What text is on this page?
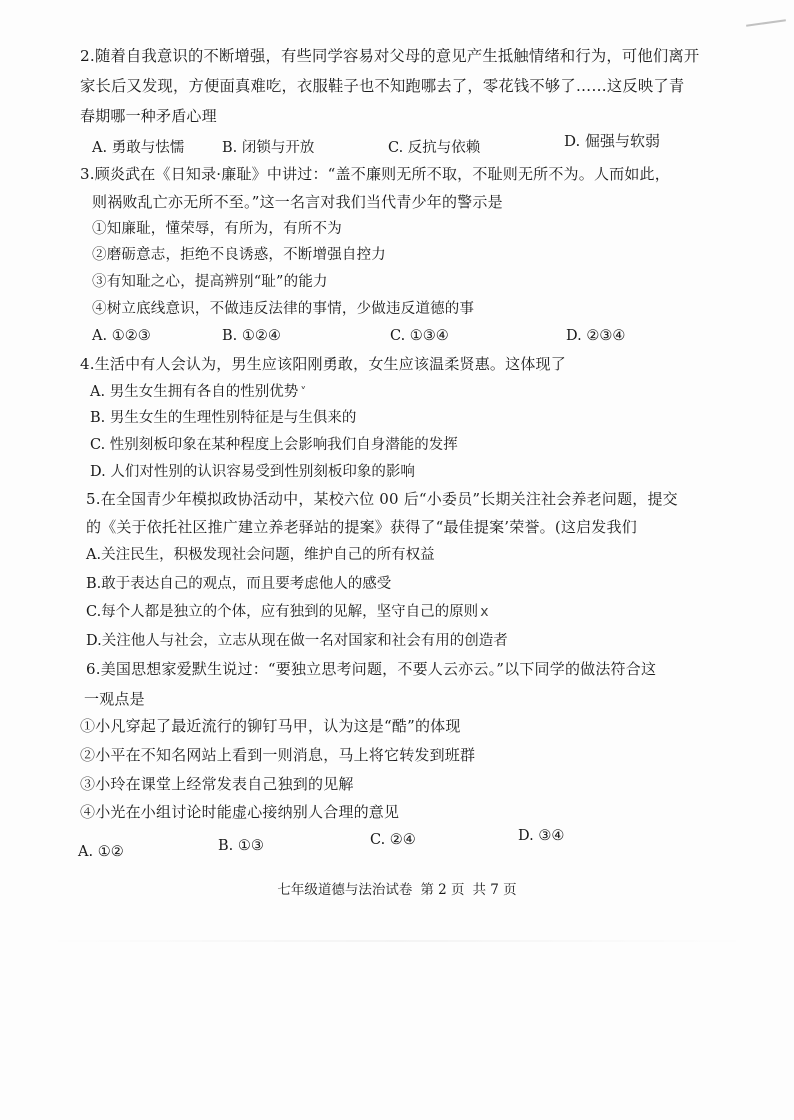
2.随着自我意识的不断增强，有些同学容易对父母的意见产生抵触情绪和行为，可他们离开
家长后又发现，方便面真难吃，衣服鞋子也不知跑哪去了，零花钱不够了……这反映了青
春期哪一种矛盾心理
A. 勇敢与怯懦	B. 闭锁与开放	C. 反抗与依赖	D. 倔强与软弱
3.顾炎武在《日知录·廉耻》中讲过：“盖不廉则无所不取，不耻则无所不为。人而如此，
则祸败乱亡亦无所不至。”这一名言对我们当代青少年的警示是
①知廉耻，懂荣辱，有所为，有所不为
②磨砺意志，拒绝不良诱惑，不断增强自控力
③有知耻之心，提高辨别“耻”的能力
④树立底线意识，不做违反法律的事情，少做违反道德的事
A. ①②③	B. ①②④	C. ①③④	D. ②③④
4.生活中有人会认为，男生应该阳刚勇敢，女生应该温柔贤惠。这体现了
A. 男生女生拥有各自的性别优势 ˅
B. 男生女生的生理性别特征是与生俱来的
C. 性别刻板印象在某种程度上会影响我们自身潜能的发挥
D. 人们对性别的认识容易受到性别刻板印象的影响
5.在全国青少年模拟政协活动中，某校六位 00 后“小委员”长期关注社会养老问题，提交
的《关于依托社区推广建立养老驿站的提案》获得了“最佳提案’荣誉。(这启发我们
A.关注民生，积极发现社会问题，维护自己的所有权益
B.敢于表达自己的观点，而且要考虑他人的感受
C.每个人都是独立的个体，应有独到的见解，坚守自己的原则 x
D.关注他人与社会，立志从现在做一名对国家和社会有用的创造者
6.美国思想家爱默生说过：“要独立思考问题，不要人云亦云。”以下同学的做法符合这
一观点是
①小凡穿起了最近流行的铆钉马甲，认为这是“酷”的体现
②小平在不知名网站上看到一则消息，马上将它转发到班群
③小玲在课堂上经常发表自己独到的见解
④小光在小组讨论时能虚心接纳别人合理的意见
A. ①②	B. ①③	C. ②④	D. ③④
七年级道德与法治试卷 第 2 页 共 7 页
